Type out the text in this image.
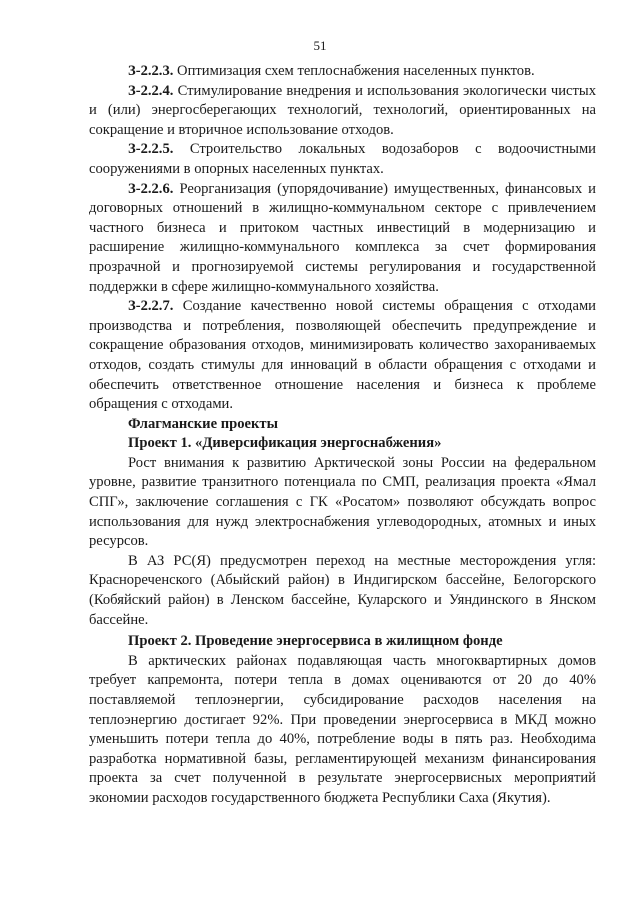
51

З-2.2.3. Оптимизация схем теплоснабжения населенных пунктов.

З-2.2.4. Стимулирование внедрения и использования экологически чистых и (или) энергосберегающих технологий, технологий, ориентированных на сокращение и вторичное использование отходов.

З-2.2.5. Строительство локальных водозаборов с водоочистными сооружениями в опорных населенных пунктах.

З-2.2.6. Реорганизация (упорядочивание) имущественных, финансовых и договорных отношений в жилищно-коммунальном секторе с привлечением частного бизнеса и притоком частных инвестиций в модернизацию и расширение жилищно-коммунального комплекса за счет формирования прозрачной и прогнозируемой системы регулирования и государственной поддержки в сфере жилищно-коммунального хозяйства.

З-2.2.7. Создание качественно новой системы обращения с отходами производства и потребления, позволяющей обеспечить предупреждение и сокращение образования отходов, минимизировать количество захораниваемых отходов, создать стимулы для инноваций в области обращения с отходами и обеспечить ответственное отношение населения и бизнеса к проблеме обращения с отходами.

Флагманские проекты

Проект 1. «Диверсификация энергоснабжения»

Рост внимания к развитию Арктической зоны России на федеральном уровне, развитие транзитного потенциала по СМП, реализация проекта «Ямал СПГ», заключение соглашения с ГК «Росатом» позволяют обсуждать вопрос использования для нужд электроснабжения углеводородных, атомных и иных ресурсов.

В АЗ РС(Я) предусмотрен переход на местные месторождения угля: Краснореченского (Абыйский район) в Индигирском бассейне, Белогорского (Кобяйский район) в Ленском бассейне, Куларского и Уяндинского в Янском бассейне.

Проект 2. Проведение энергосервиса в жилищном фонде

В арктических районах подавляющая часть многоквартирных домов требует капремонта, потери тепла в домах оцениваются от 20 до 40% поставляемой теплоэнергии, субсидирование расходов населения на теплоэнергию достигает 92%. При проведении энергосервиса в МКД можно уменьшить потери тепла до 40%, потребление воды в пять раз. Необходима разработка нормативной базы, регламентирующей механизм финансирования проекта за счет полученной в результате энергосервисных мероприятий экономии расходов государственного бюджета Республики Саха (Якутия).
